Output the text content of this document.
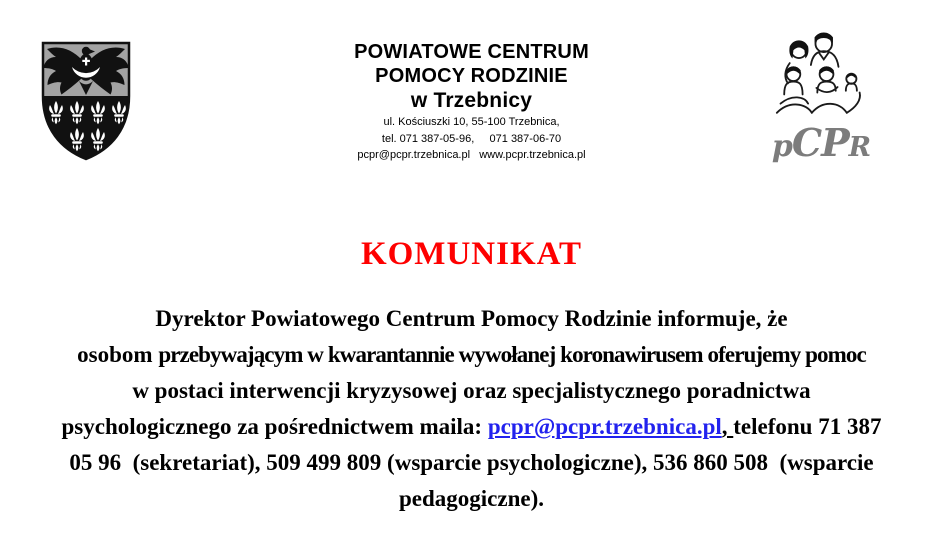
POWIATOWE CENTRUM
POMOCY RODZINIE
w Trzebnicy
ul. Kościuszki 10, 55-100 Trzebnica,
tel. 071 387-05-96,     071 387-06-70
pcpr@pcpr.trzebnica.pl   www.pcpr.trzebnica.pl	p C P R
KOMUNIKAT
Dyrektor Powiatowego Centrum Pomocy Rodzinie informuje, że
osobom przebywającym w kwarantannie wywołanej koronawirusem oferujemy pomoc
w postaci interwencji kryzysowej oraz specjalistycznego poradnictwa
psychologicznego za pośrednictwem maila: pcpr@pcpr.trzebnica.pl, telefonu 71 387
05 96  (sekretariat), 509 499 809 (wsparcie psychologiczne), 536 860 508  (wsparcie
pedagogiczne).
